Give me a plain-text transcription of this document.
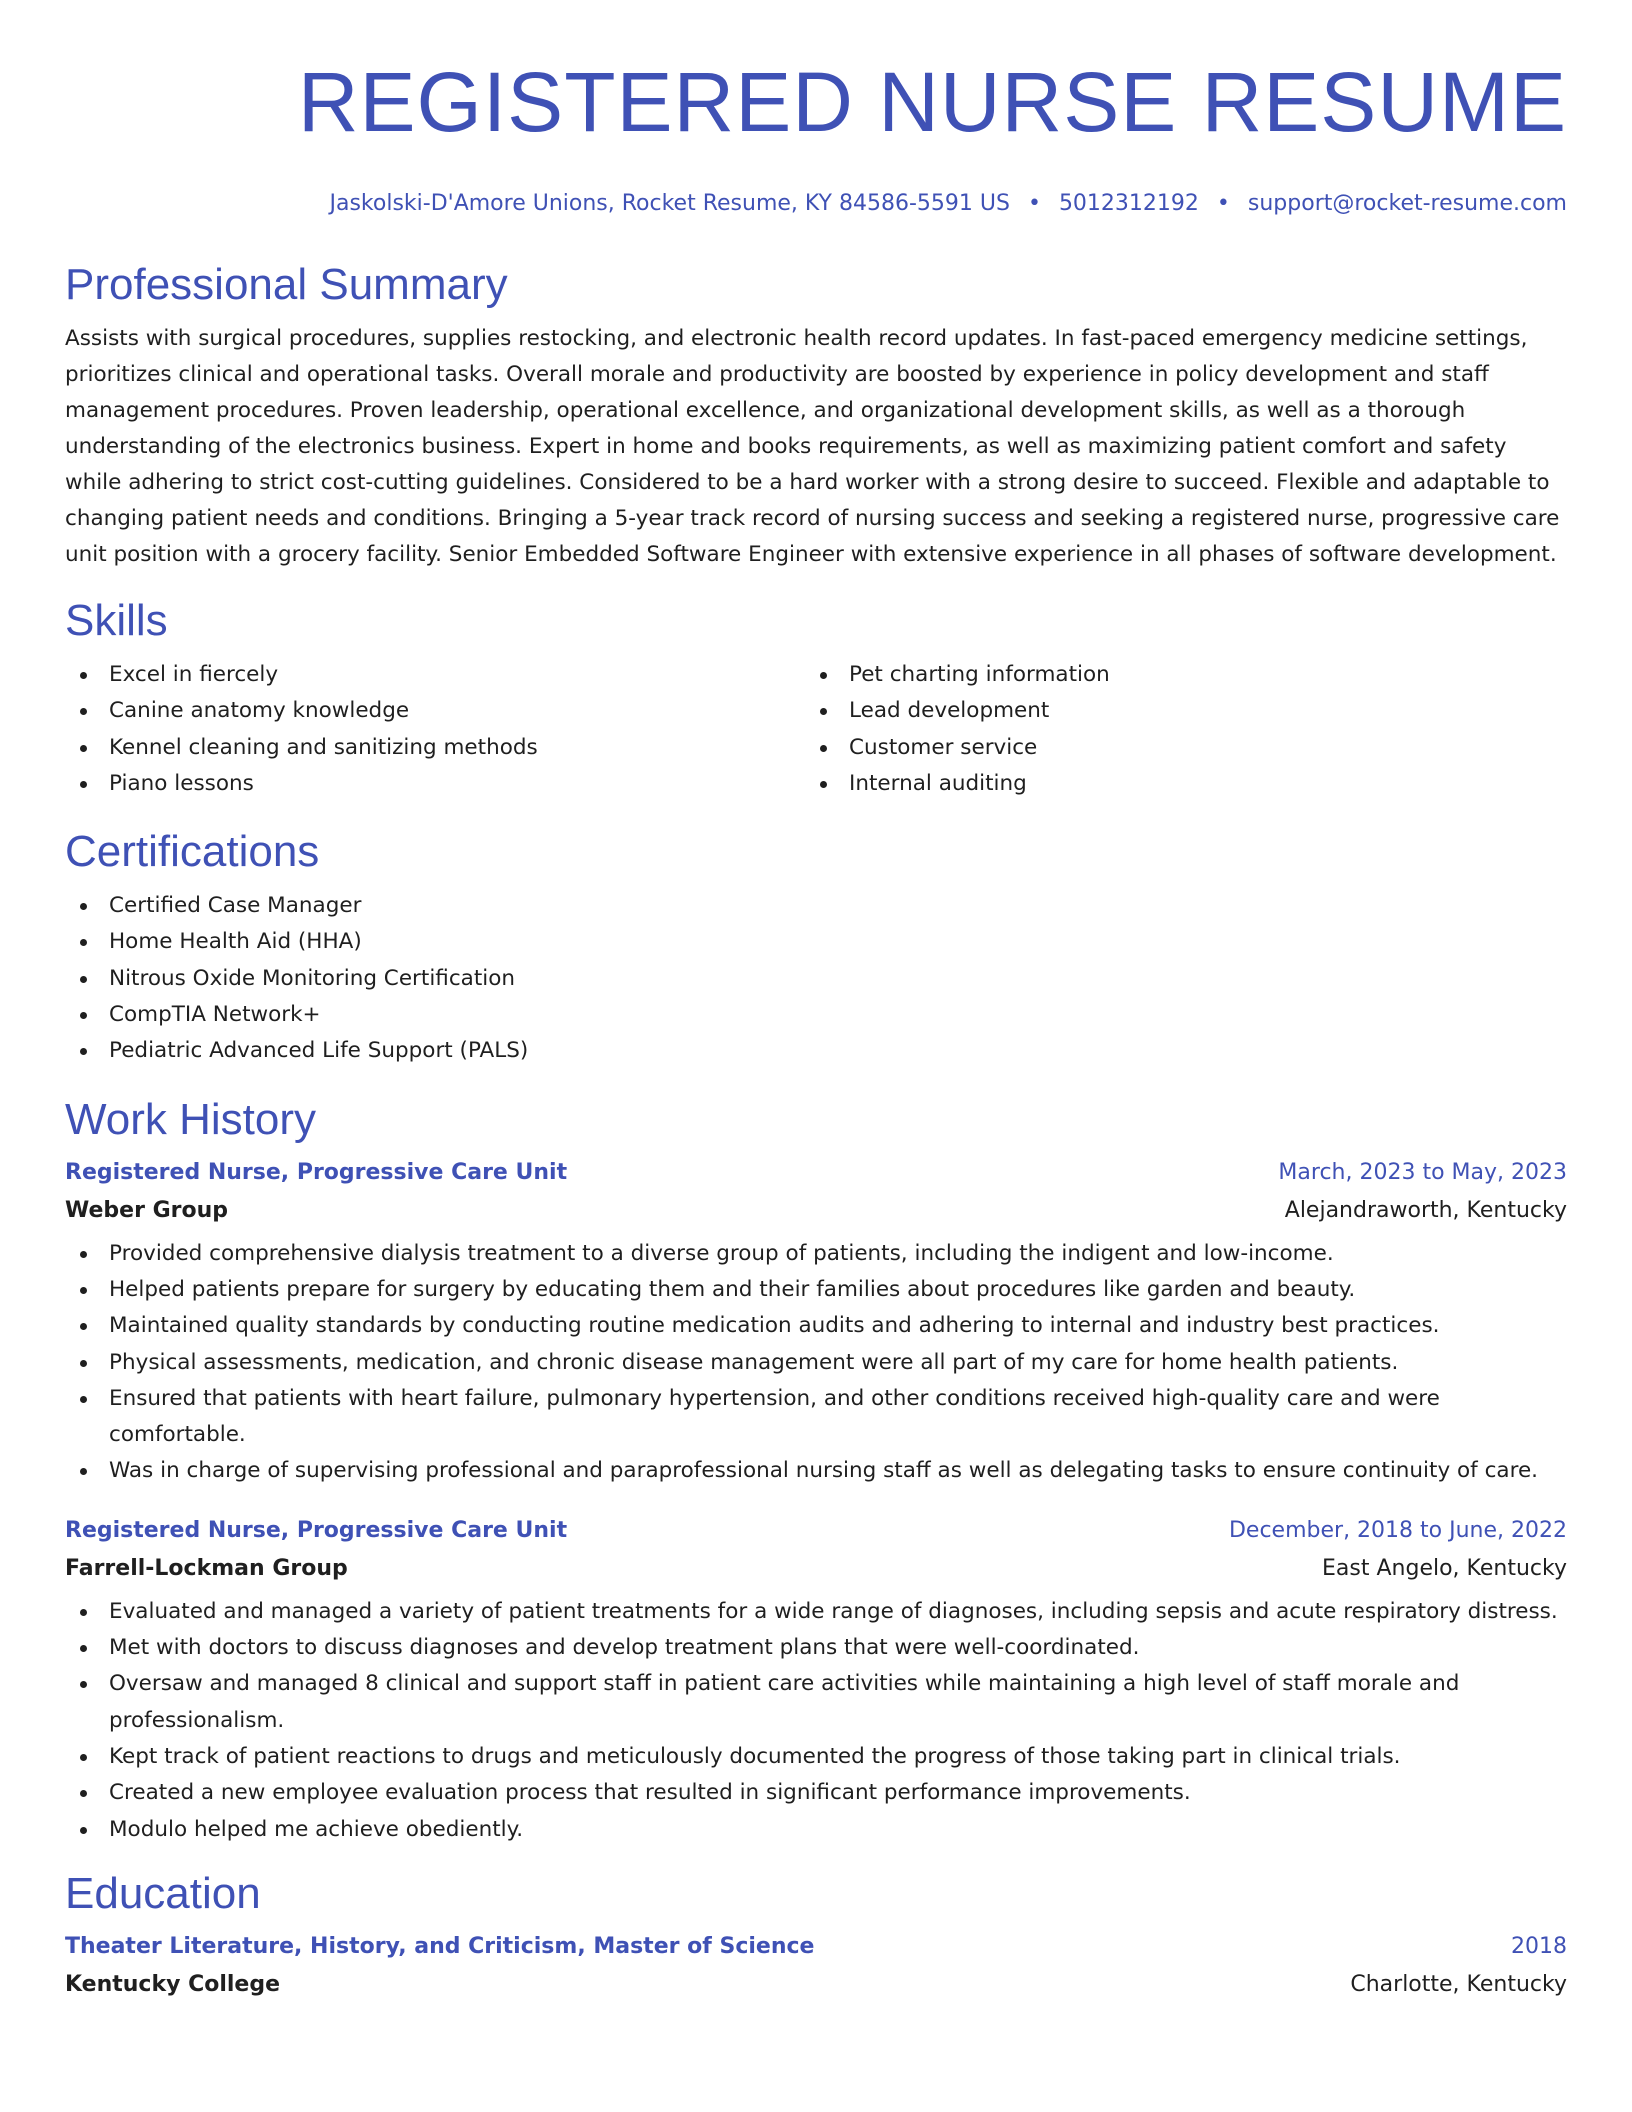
REGISTERED NURSE RESUME
Jaskolski-D'Amore Unions, Rocket Resume, KY 84586-5591 US • 5012312192 • support@rocket-resume.com
Professional Summary

Assists with surgical procedures, supplies restocking, and electronic health record updates. In fast-paced emergency medicine settings, prioritizes clinical and operational tasks. Overall morale and productivity are boosted by experience in policy development and staff management procedures. Proven leadership, operational excellence, and organizational development skills, as well as a thorough understanding of the electronics business. Expert in home and books requirements, as well as maximizing patient comfort and safety while adhering to strict cost-cutting guidelines. Considered to be a hard worker with a strong desire to succeed. Flexible and adaptable to changing patient needs and conditions. Bringing a 5-year track record of nursing success and seeking a registered nurse, progressive care unit position with a grocery facility. Senior Embedded Software Engineer with extensive experience in all phases of software development.

Skills
Excel in fiercely
Canine anatomy knowledge
Kennel cleaning and sanitizing methods
Piano lessons
Pet charting information
Lead development
Customer service
Internal auditing
Certifications
Certified Case Manager
Home Health Aid (HHA)
Nitrous Oxide Monitoring Certification
CompTIA Network+
Pediatric Advanced Life Support (PALS)
Work History
Registered Nurse, Progressive Care Unit	March, 2023 to May, 2023
Weber Group	Alejandraworth, Kentucky
Provided comprehensive dialysis treatment to a diverse group of patients, including the indigent and low-income.
Helped patients prepare for surgery by educating them and their families about procedures like garden and beauty.
Maintained quality standards by conducting routine medication audits and adhering to internal and industry best practices.
Physical assessments, medication, and chronic disease management were all part of my care for home health patients.
Ensured that patients with heart failure, pulmonary hypertension, and other conditions received high-quality care and were comfortable.
Was in charge of supervising professional and paraprofessional nursing staff as well as delegating tasks to ensure continuity of care.
Registered Nurse, Progressive Care Unit	December, 2018 to June, 2022
Farrell-Lockman Group	East Angelo, Kentucky
Evaluated and managed a variety of patient treatments for a wide range of diagnoses, including sepsis and acute respiratory distress.
Met with doctors to discuss diagnoses and develop treatment plans that were well-coordinated.
Oversaw and managed 8 clinical and support staff in patient care activities while maintaining a high level of staff morale and professionalism.
Kept track of patient reactions to drugs and meticulously documented the progress of those taking part in clinical trials.
Created a new employee evaluation process that resulted in significant performance improvements.
Modulo helped me achieve obediently.
Education
Theater Literature, History, and Criticism, Master of Science	2018
Kentucky College	Charlotte, Kentucky
